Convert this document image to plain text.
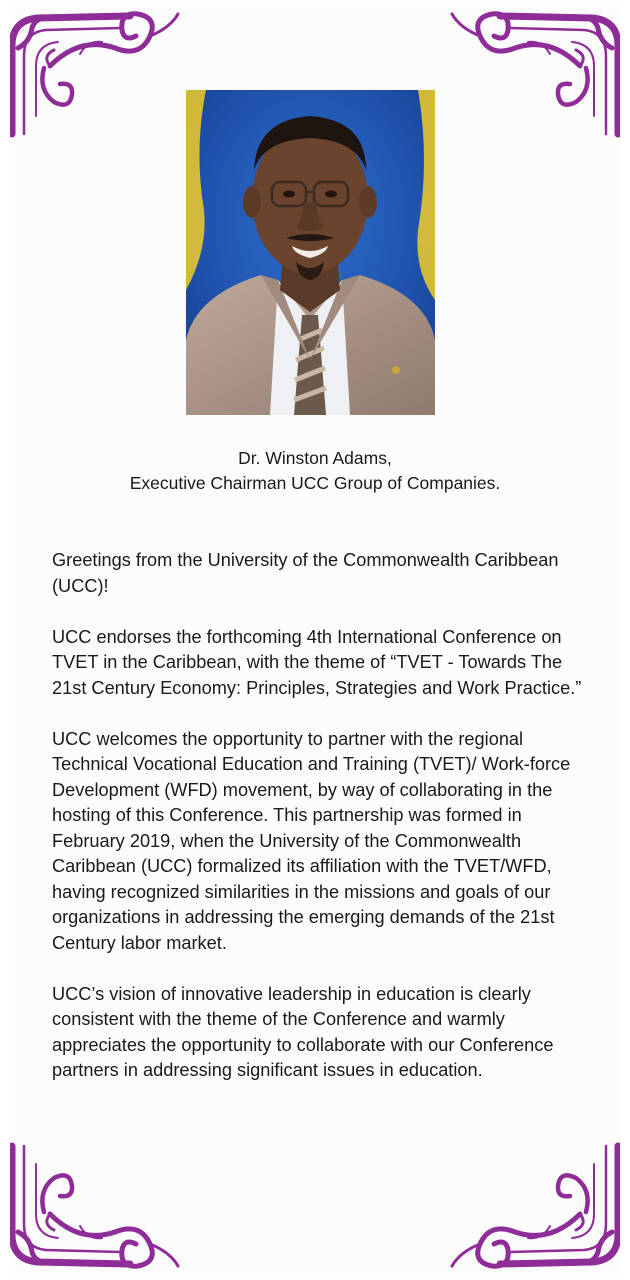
Dr. Winston Adams,
Executive Chairman UCC Group of Companies.

Greetings from the University of the Commonwealth Caribbean (UCC)!

UCC endorses the forthcoming 4th International Conference on TVET in the Caribbean, with the theme of “TVET - Towards The 21st Century Economy: Principles, Strategies and Work Practice.”

UCC welcomes the opportunity to partner with the regional Technical Vocational Education and Training (TVET)/ Work-force Development (WFD) movement, by way of collaborating in the hosting of this Conference. This partnership was formed in

February 2019, when the University of the Commonwealth Caribbean (UCC) formalized its affiliation with the TVET/WFD, having recognized similarities in the missions and goals of our organizations in addressing the emerging demands of the 21st Century labor market.

UCC’s vision of innovative leadership in education is clearly consistent with the theme of the Conference and warmly appreciates the opportunity to collaborate with our Conference partners in addressing significant issues in education.
